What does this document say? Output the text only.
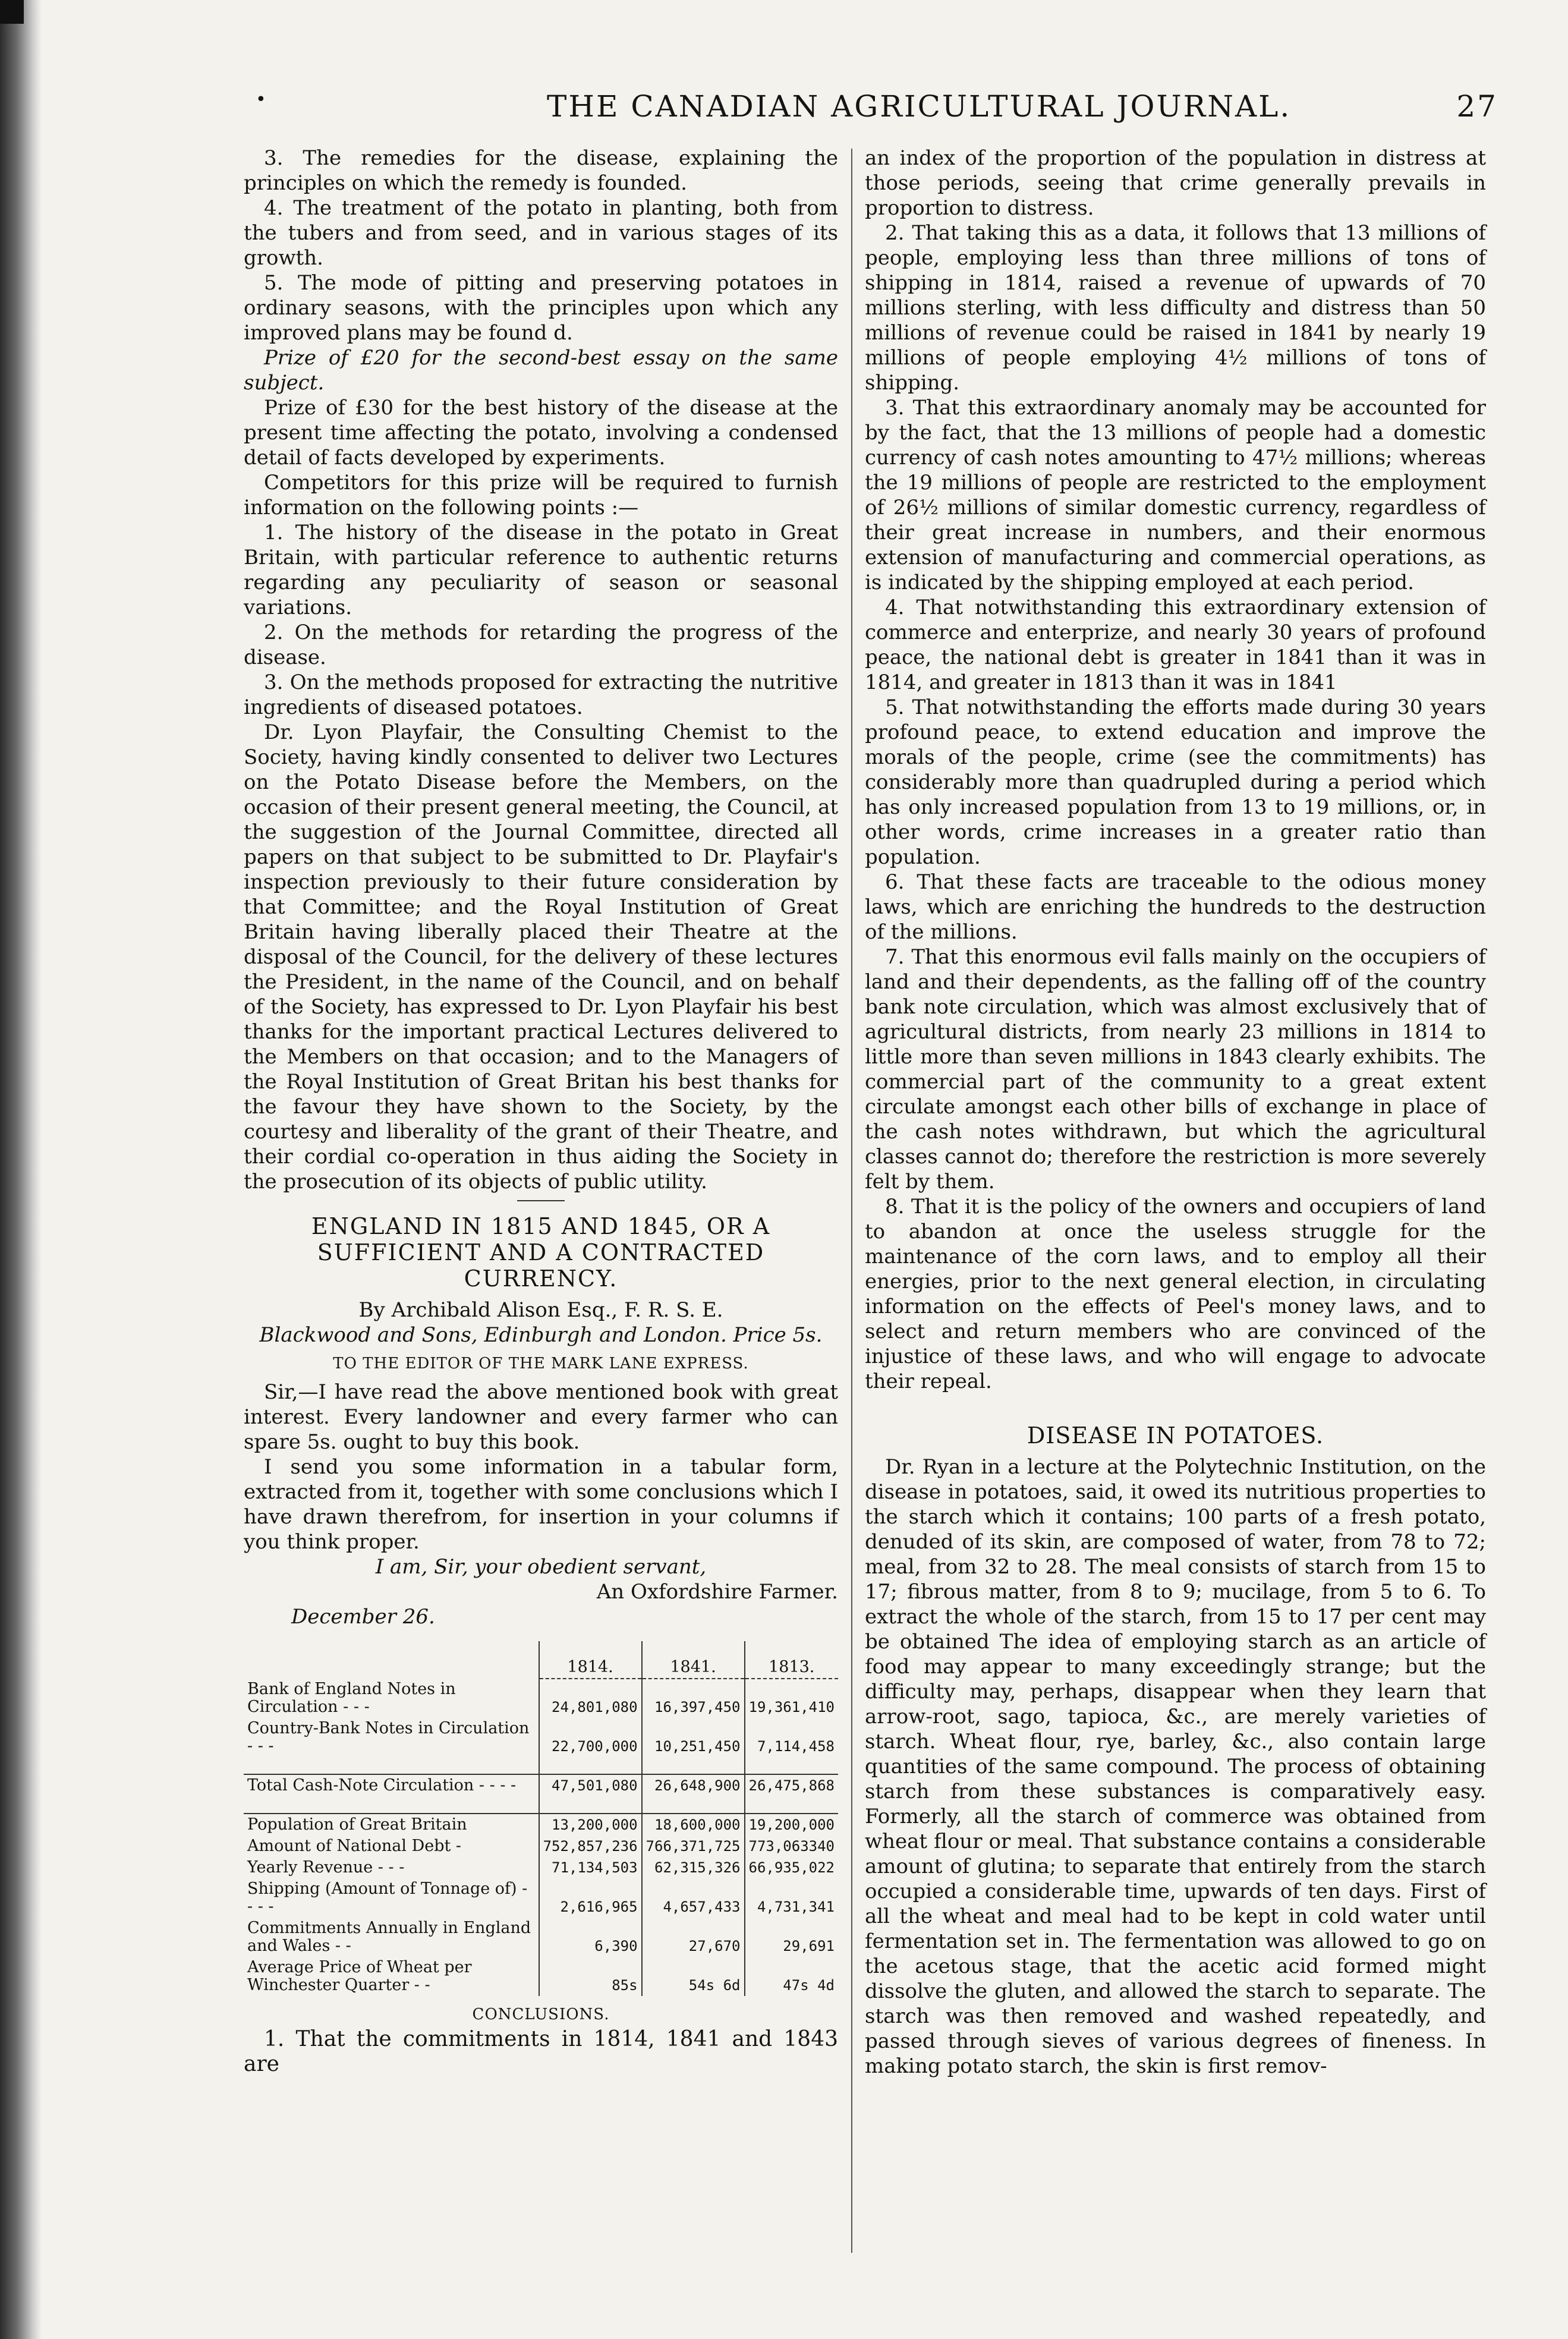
•	THE CANADIAN AGRICULTURAL JOURNAL.	27

3. The remedies for the disease, explaining the principles on which the remedy is founded.

4. The treatment of the potato in planting, both from the tubers and from seed, and in various stages of its growth.

5. The mode of pitting and preserving potatoes in ordinary seasons, with the principles upon which any improved plans may be found d.

Prize of £20 for the second-best essay on the same subject.

Prize of £30 for the best history of the disease at the present time affecting the potato, involving a condensed detail of facts developed by experiments.

Competitors for this prize will be required to furnish information on the following points :—

1. The history of the disease in the potato in Great Britain, with particular reference to authentic returns regarding any peculiarity of season or seasonal variations.

2. On the methods for retarding the progress of the disease.

3. On the methods proposed for extracting the nutritive ingredients of diseased potatoes.

Dr. Lyon Playfair, the Consulting Chemist to the Society, having kindly consented to deliver two Lectures on the Potato Disease before the Members, on the occasion of their present general meeting, the Council, at the suggestion of the Journal Committee, directed all papers on that subject to be submitted to Dr. Playfair's inspection previously to their future consideration by that Committee; and the Royal Institution of Great Britain having liberally placed their Theatre at the disposal of the Council, for the delivery of these lectures the President, in the name of the Council, and on behalf of the Society, has expressed to Dr. Lyon Playfair his best thanks for the important practical Lectures delivered to the Members on that occasion; and to the Managers of the Royal Institution of Great Britan his best thanks for the favour they have shown to the Society, by the courtesy and liberality of the grant of their Theatre, and their cordial co-operation in thus aiding the Society in the prosecution of its objects of public utility.

ENGLAND IN 1815 AND 1845, OR A SUFFICIENT AND A CONTRACTED CURRENCY.

By Archibald Alison Esq., F. R. S. E.

Blackwood and Sons, Edinburgh and London. Price 5s.

TO THE EDITOR OF THE MARK LANE EXPRESS.

Sir,—I have read the above mentioned book with great interest. Every landowner and every farmer who can spare 5s. ought to buy this book.

I send you some information in a tabular form, extracted from it, together with some conclusions which I have drawn therefrom, for insertion in your columns if you think proper.

I am, Sir, your obedient servant,

An Oxfordshire Farmer.

December 26.

	1814.	1841.	1813.
Bank of England Notes in Circulation - - -	24,801,080	16,397,450	19,361,410
Country-Bank Notes in Circulation - - -	22,700,000	10,251,450	7,114,458

Total Cash-Note Circulation - - - -	47,501,080	26,648,900	26,475,868

Population of Great Britain	13,200,000	18,600,000	19,200,000
Amount of National Debt -	752,857,236	766,371,725	773,063340
Yearly Revenue - - -	71,134,503	62,315,326	66,935,022
Shipping (Amount of Tonnage of) - - - -	2,616,965	4,657,433	4,731,341
Commitments Annually in England and Wales - -	6,390	27,670	29,691
Average Price of Wheat per Winchester Quarter - -	85s	54s 6d	47s 4d

CONCLUSIONS.

1. That the commitments in 1814, 1841 and 1843 are

an index of the proportion of the population in distress at those periods, seeing that crime generally prevails in proportion to distress.

2. That taking this as a data, it follows that 13 millions of people, employing less than three millions of tons of shipping in 1814, raised a revenue of upwards of 70 millions sterling, with less difficulty and distress than 50 millions of revenue could be raised in 1841 by nearly 19 millions of people employing 4½ millions of tons of shipping.

3. That this extraordinary anomaly may be accounted for by the fact, that the 13 millions of people had a domestic currency of cash notes amounting to 47½ millions; whereas the 19 millions of people are restricted to the employment of 26½ millions of similar domestic currency, regardless of their great increase in numbers, and their enormous extension of manufacturing and commercial operations, as is indicated by the shipping employed at each period.

4. That notwithstanding this extraordinary extension of commerce and enterprize, and nearly 30 years of profound peace, the national debt is greater in 1841 than it was in 1814, and greater in 1813 than it was in 1841

5. That notwithstanding the efforts made during 30 years profound peace, to extend education and improve the morals of the people, crime (see the commitments) has considerably more than quadrupled during a period which has only increased population from 13 to 19 millions, or, in other words, crime increases in a greater ratio than population.

6. That these facts are traceable to the odious money laws, which are enriching the hundreds to the destruction of the millions.

7. That this enormous evil falls mainly on the occupiers of land and their dependents, as the falling off of the country bank note circulation, which was almost exclusively that of agricultural districts, from nearly 23 millions in 1814 to little more than seven millions in 1843 clearly exhibits. The commercial part of the community to a great extent circulate amongst each other bills of exchange in place of the cash notes withdrawn, but which the agricultural classes cannot do; therefore the restriction is more severely felt by them.

8. That it is the policy of the owners and occupiers of land to abandon at once the useless struggle for the maintenance of the corn laws, and to employ all their energies, prior to the next general election, in circulating information on the effects of Peel's money laws, and to select and return members who are convinced of the injustice of these laws, and who will engage to advocate their repeal.

DISEASE IN POTATOES.

Dr. Ryan in a lecture at the Polytechnic Institution, on the disease in potatoes, said, it owed its nutritious properties to the starch which it contains; 100 parts of a fresh potato, denuded of its skin, are composed of water, from 78 to 72; meal, from 32 to 28. The meal consists of starch from 15 to 17; fibrous matter, from 8 to 9; mucilage, from 5 to 6. To extract the whole of the starch, from 15 to 17 per cent may be obtained The idea of employing starch as an article of food may appear to many exceedingly strange; but the difficulty may, perhaps, disappear when they learn that arrow-root, sago, tapioca, &c., are merely varieties of starch. Wheat flour, rye, barley, &c., also contain large quantities of the same compound. The process of obtaining starch from these substances is comparatively easy. Formerly, all the starch of commerce was obtained from wheat flour or meal. That substance contains a considerable amount of glutina; to separate that entirely from the starch occupied a considerable time, upwards of ten days. First of all the wheat and meal had to be kept in cold water until fermentation set in. The fermentation was allowed to go on the acetous stage, that the acetic acid formed might dissolve the gluten, and allowed the starch to separate. The starch was then removed and washed repeatedly, and passed through sieves of various degrees of fineness. In making potato starch, the skin is first remov-
